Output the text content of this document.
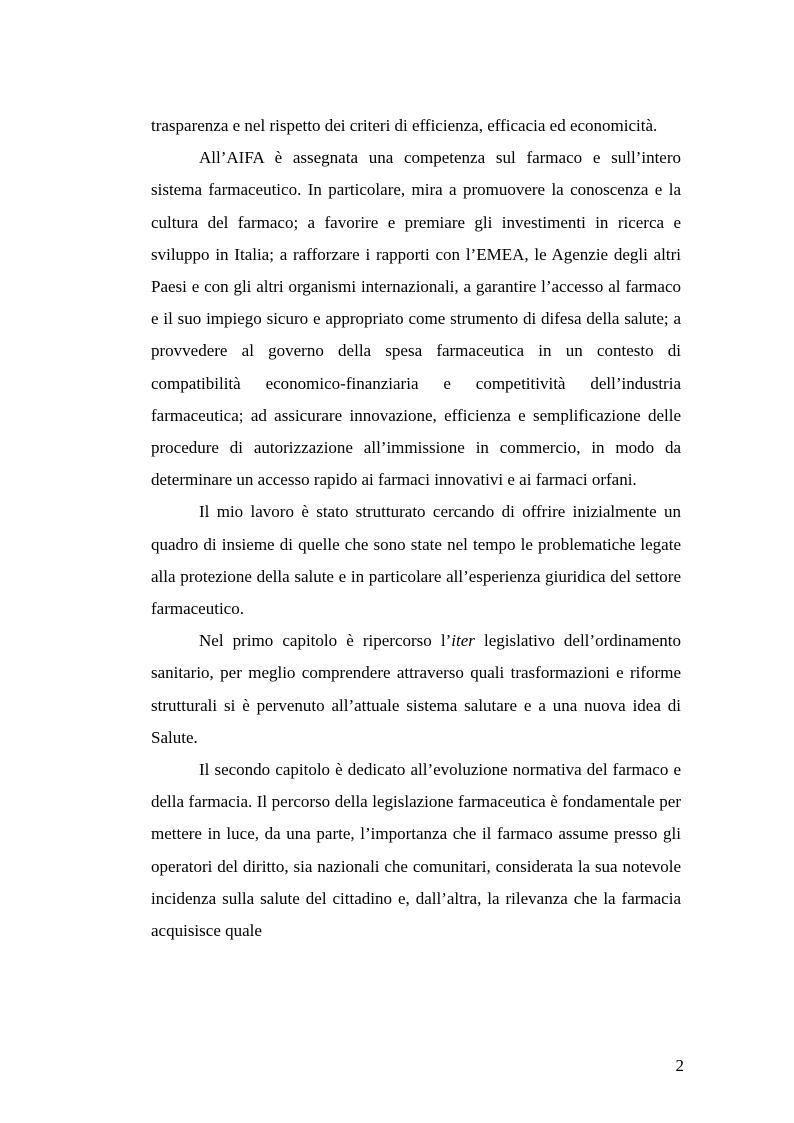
trasparenza e nel rispetto dei criteri di efficienza, efficacia ed economicità.

All’AIFA è assegnata una competenza sul farmaco e sull’intero sistema farmaceutico. In particolare, mira a promuovere la conoscenza e la cultura del farmaco; a favorire e premiare gli investimenti in ricerca e sviluppo in Italia; a rafforzare i rapporti con l’EMEA, le Agenzie degli altri Paesi e con gli altri organismi internazionali, a garantire l’accesso al farmaco e il suo impiego sicuro e appropriato come strumento di difesa della salute; a provvedere al governo della spesa farmaceutica in un contesto di compatibilità economico-finanziaria e competitività dell’industria farmaceutica; ad assicurare innovazione, efficienza e semplificazione delle procedure di autorizzazione all’immissione in commercio, in modo da determinare un accesso rapido ai farmaci innovativi e ai farmaci orfani.

Il mio lavoro è stato strutturato cercando di offrire inizialmente un quadro di insieme di quelle che sono state nel tempo le problematiche legate alla protezione della salute e in particolare all’esperienza giuridica del settore farmaceutico.

Nel primo capitolo è ripercorso l’iter legislativo dell’ordinamento sanitario, per meglio comprendere attraverso quali trasformazioni e riforme strutturali si è pervenuto all’attuale sistema salutare e a una nuova idea di Salute.

Il secondo capitolo è dedicato all’evoluzione normativa del farmaco e della farmacia. Il percorso della legislazione farmaceutica è fondamentale per mettere in luce, da una parte, l’importanza che il farmaco assume presso gli operatori del diritto, sia nazionali che comunitari, considerata la sua notevole incidenza sulla salute del cittadino e, dall’altra, la rilevanza che la farmacia acquisisce quale

2
